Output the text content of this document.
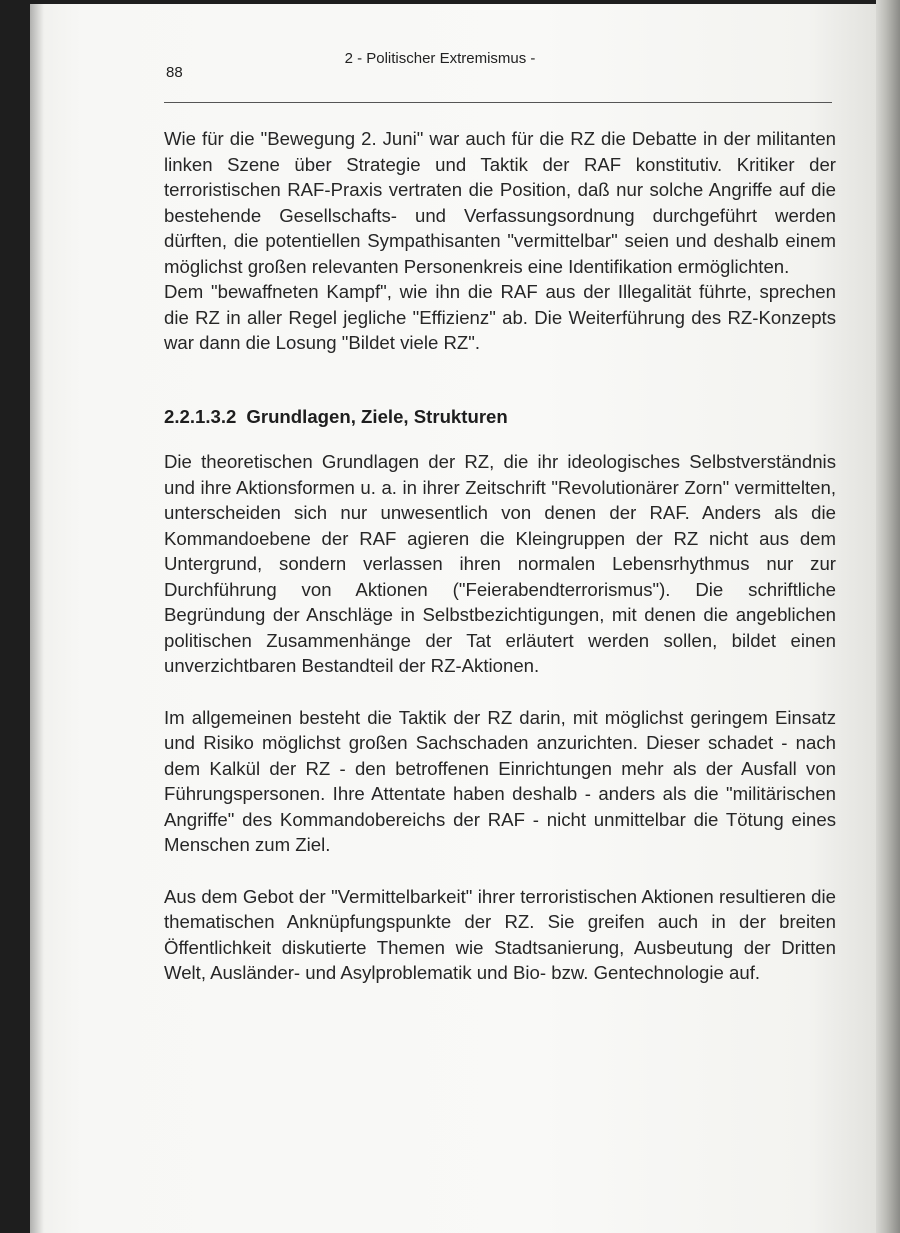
88
2 - Politischer Extremismus -

Wie für die "Bewegung 2. Juni" war auch für die RZ die Debatte in der militanten linken Szene über Strategie und Taktik der RAF konstitutiv. Kritiker der terroristischen RAF-Praxis vertraten die Position, daß nur solche Angriffe auf die bestehende Gesellschafts- und Verfassungsordnung durchgeführt werden dürften, die potentiellen Sympathisanten "vermittelbar" seien und deshalb einem möglichst großen relevanten Personenkreis eine Identifikation ermöglichten.

Dem "bewaffneten Kampf", wie ihn die RAF aus der Illegalität führte, sprechen die RZ in aller Regel jegliche "Effizienz" ab. Die Weiterführung des RZ-Konzepts war dann die Losung "Bildet viele RZ".

2.2.1.3.2 Grundlagen, Ziele, Strukturen

Die theoretischen Grundlagen der RZ, die ihr ideologisches Selbstverständnis und ihre Aktionsformen u. a. in ihrer Zeitschrift "Revolutionärer Zorn" vermittelten, unterscheiden sich nur unwesentlich von denen der RAF. Anders als die Kommandoebene der RAF agieren die Kleingruppen der RZ nicht aus dem Untergrund, sondern verlassen ihren normalen Lebensrhythmus nur zur Durchführung von Aktionen ("Feierabendterrorismus"). Die schriftliche Begründung der Anschläge in Selbstbezichtigungen, mit denen die angeblichen politischen Zusammenhänge der Tat erläutert werden sollen, bildet einen unverzichtbaren Bestandteil der RZ-Aktionen.

Im allgemeinen besteht die Taktik der RZ darin, mit möglichst geringem Einsatz und Risiko möglichst großen Sachschaden anzurichten. Dieser schadet - nach dem Kalkül der RZ - den betroffenen Einrichtungen mehr als der Ausfall von Führungspersonen. Ihre Attentate haben deshalb - anders als die "militärischen Angriffe" des Kommandobereichs der RAF - nicht unmittelbar die Tötung eines Menschen zum Ziel.

Aus dem Gebot der "Vermittelbarkeit" ihrer terroristischen Aktionen resultieren die thematischen Anknüpfungspunkte der RZ. Sie greifen auch in der breiten Öffentlichkeit diskutierte Themen wie Stadtsanierung, Ausbeutung der Dritten Welt, Ausländer- und Asylproblematik und Bio- bzw. Gentechnologie auf.
